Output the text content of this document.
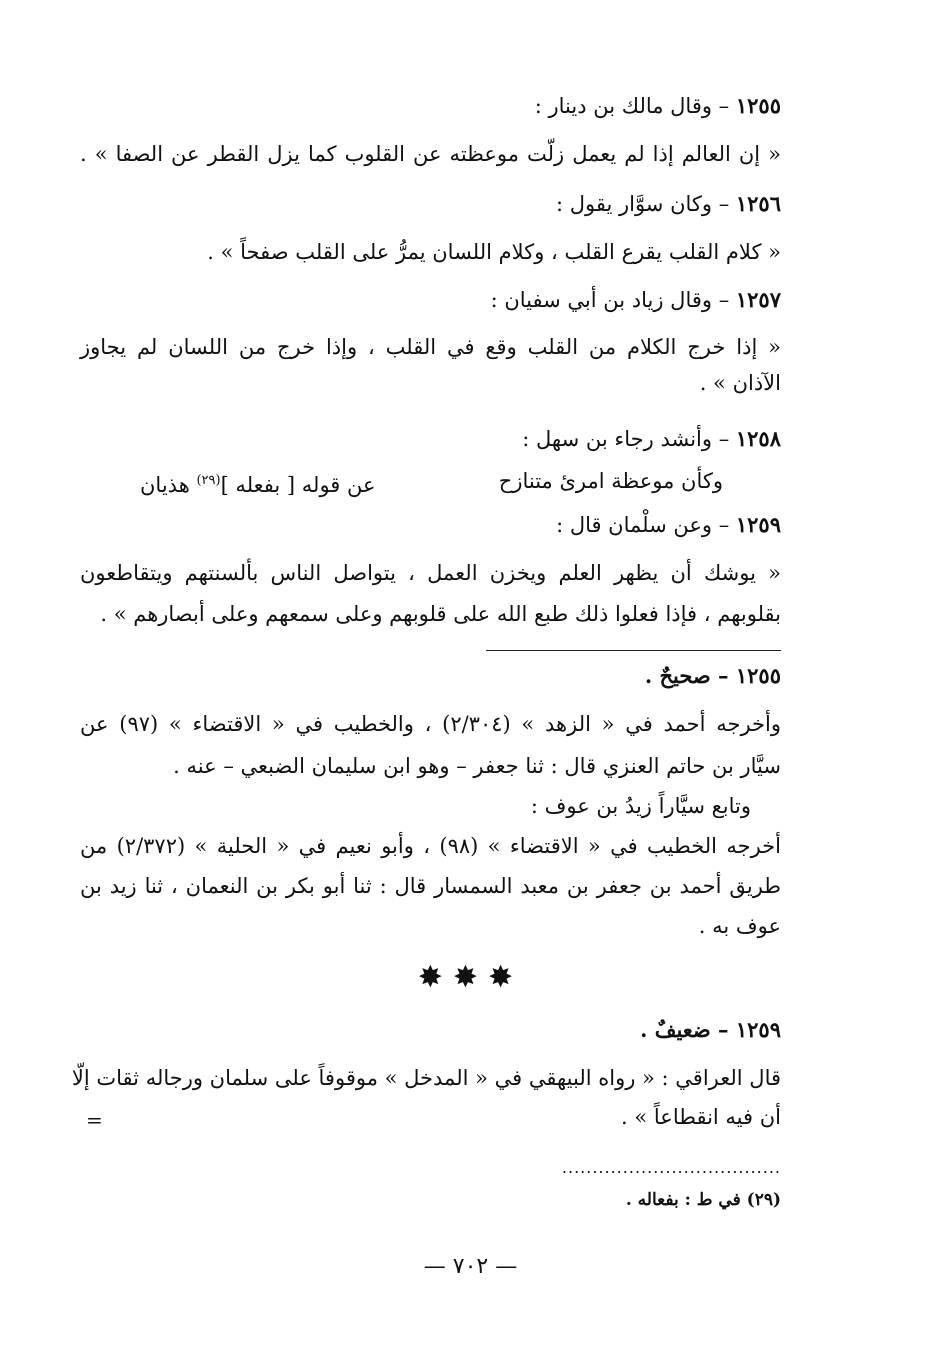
١٢٥٥ – وقال مالك بن دينار :
« إن العالم إذا لم يعمل زلّت موعظته عن القلوب كما يزل القطر عن الصفا » .
١٢٥٦ – وكان سوَّار يقول :
« كلام القلب يقرع القلب ، وكلام اللسان يمرُّ على القلب صفحاً » .
١٢٥٧ – وقال زياد بن أبي سفيان :
« إذا خرج الكلام من القلب وقع في القلب ، وإذا خرج من اللسان لم يجاوز
الآذان » .
١٢٥٨ – وأنشد رجاء بن سهل :
وكأن موعظة امرئ متنازح
عن قوله [ بفعله ]$^{(٢٩)}$ هذيان
١٢٥٩ – وعن سلْمان قال :
« يوشك أن يظهر العلم ويخزن العمل ، يتواصل الناس بألسنتهم ويتقاطعون
بقلوبهم ، فإذا فعلوا ذلك طبع الله على قلوبهم وعلى سمعهم وعلى أبصارهم » .
١٢٥٥ – صحيحٌ .
وأخرجه أحمد في « الزهد » (٢/٣٠٤) ، والخطيب في « الاقتضاء » (٩٧) عن
سيَّار بن حاتم العنزي قال : ثنا جعفر – وهو ابن سليمان الضبعي – عنه .
وتابع سيَّاراً زيدُ بن عوف :
أخرجه الخطيب في « الاقتضاء » (٩٨) ، وأبو نعيم في « الحلية » (٢/٣٧٢) من
طريق أحمد بن جعفر بن معبد السمسار قال : ثنا أبو بكر بن النعمان ، ثنا زيد بن
عوف به .
✸✸✸
١٢٥٩ – ضعيفٌ .
قال العراقي : « رواه البيهقي في « المدخل » موقوفاً على سلمان ورجاله ثقات إلّا
أن فيه انقطاعاً » .
=
....................................
(٢٩) في ط : بفعاله .
— ٧٠٢ —
